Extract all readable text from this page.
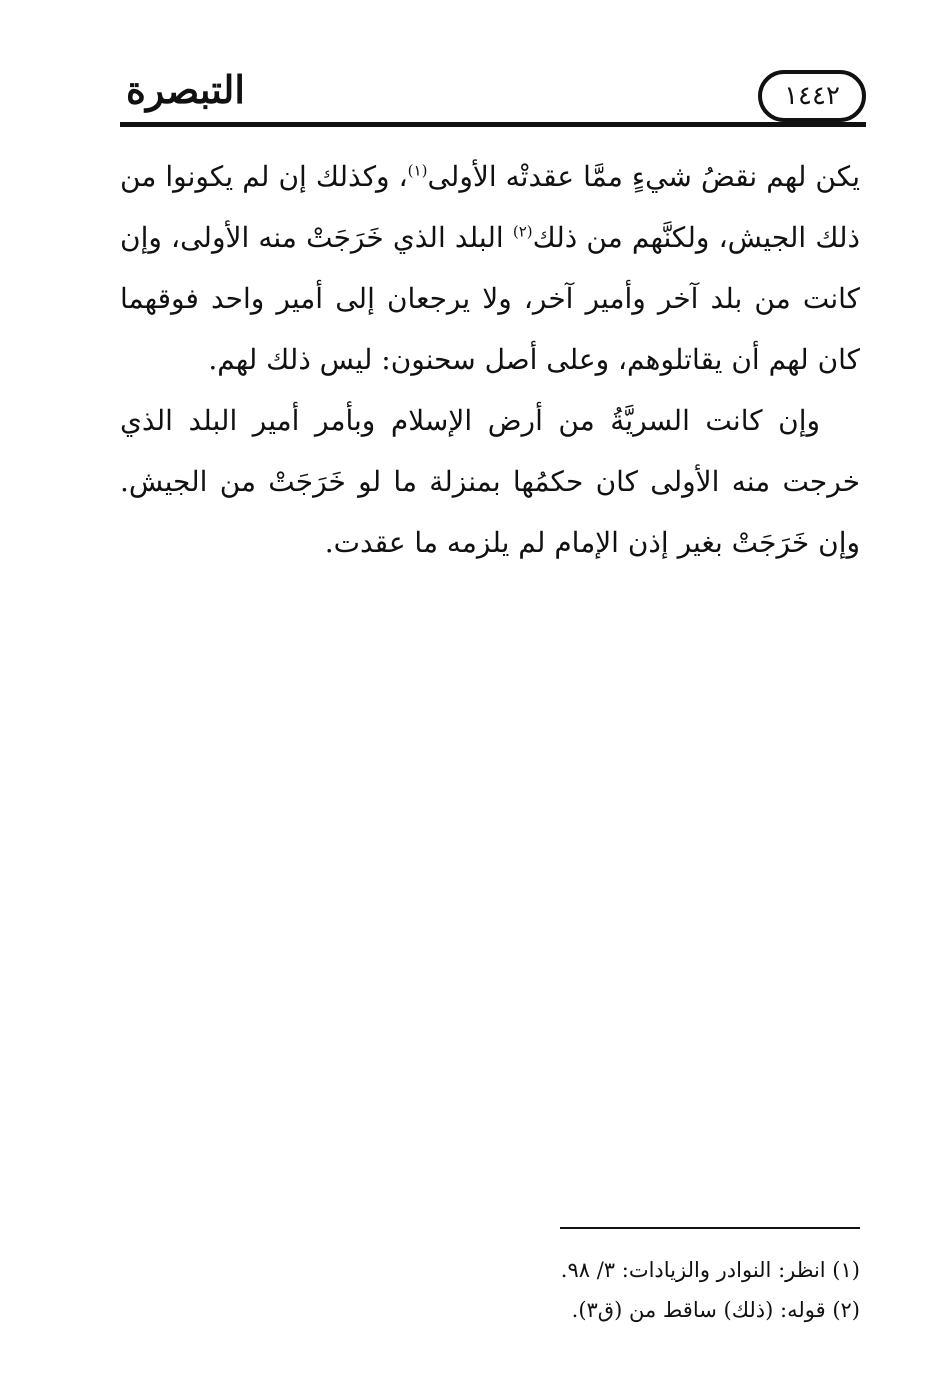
التبصرة	١٤٤٢

يكن لهم نقضُ شيءٍ ممَّا عقدتْه الأولى$^{(١)}$، وكذلك إن لم يكونوا من ذلك الجيش، ولكنَّهم من ذلك$^{(٢)}$ البلد الذي خَرَجَتْ منه الأولى، وإن كانت من بلد آخر وأمير آخر، ولا يرجعان إلى أمير واحد فوقهما كان لهم أن يقاتلوهم، وعلى أصل سحنون: ليس ذلك لهم.

وإن كانت السريَّةُ من أرض الإسلام وبأمر أمير البلد الذي خرجت منه الأولى كان حكمُها بمنزلة ما لو خَرَجَتْ من الجيش. وإن خَرَجَتْ بغير إذن الإمام لم يلزمه ما عقدت.

(١) انظر: النوادر والزيادات: ٣/ ٩٨.
(٢) قوله: (ذلك) ساقط من (ق٣).
